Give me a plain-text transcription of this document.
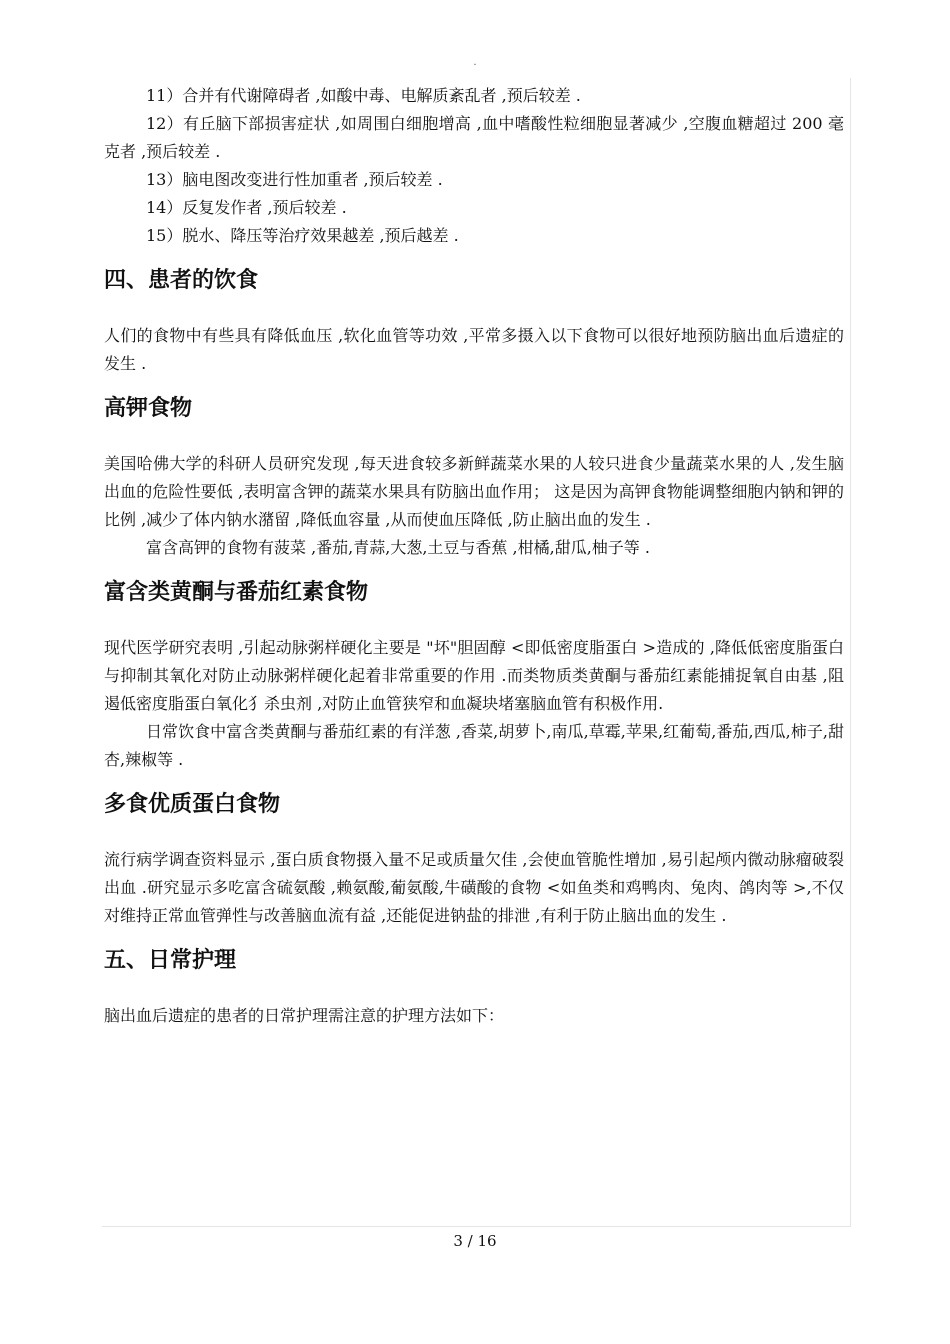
.

11）合并有代谢障碍者 ,如酸中毒、电解质紊乱者 ,预后较差 .

12）有丘脑下部损害症状 ,如周围白细胞增高 ,血中嗜酸性粒细胞显著减少 ,空腹血糖超过 200 毫克者 ,预后较差 .

13）脑电图改变进行性加重者 ,预后较差 .

14）反复发作者 ,预后较差 .

15）脱水、降压等治疗效果越差 ,预后越差 .

四、患者的饮食

人们的食物中有些具有降低血压 ,软化血管等功效 ,平常多摄入以下食物可以很好地预防脑出血后遗症的发生 .

高钾食物

美国哈佛大学的科研人员研究发现 ,每天进食较多新鲜蔬菜水果的人较只进食少量蔬菜水果的人 ,发生脑出血的危险性要低 ,表明富含钾的蔬菜水果具有防脑出血作用； 这是因为高钾食物能调整细胞内钠和钾的比例 ,减少了体内钠水潴留 ,降低血容量 ,从而使血压降低 ,防止脑出血的发生 .

富含高钾的食物有菠菜 ,番茄,青蒜,大葱,土豆与香蕉 ,柑橘,甜瓜,柚子等 .

富含类黄酮与番茄红素食物

现代医学研究表明 ,引起动脉粥样硬化主要是 "坏"胆固醇 <即低密度脂蛋白 >造成的 ,降低低密度脂蛋白与抑制其氧化对防止动脉粥样硬化起着非常重要的作用 .而类物质类黄酮与番茄红素能捕捉氧自由基 ,阻遏低密度脂蛋白氧化犭杀虫剂 ,对防止血管狭窄和血凝块堵塞脑血管有积极作用.

日常饮食中富含类黄酮与番茄红素的有洋葱 ,香菜,胡萝卜,南瓜,草霉,苹果,红葡萄,番茄,西瓜,柿子,甜杏,辣椒等 .

多食优质蛋白食物

流行病学调查资料显示 ,蛋白质食物摄入量不足或质量欠佳 ,会使血管脆性增加 ,易引起颅内微动脉瘤破裂出血 .研究显示多吃富含硫氨酸 ,赖氨酸,葡氨酸,牛磺酸的食物 <如鱼类和鸡鸭肉、兔肉、鸽肉等 >,不仅对维持正常血管弹性与改善脑血流有益 ,还能促进钠盐的排泄 ,有利于防止脑出血的发生 .

五、日常护理

脑出血后遗症的患者的日常护理需注意的护理方法如下：

3 / 16
